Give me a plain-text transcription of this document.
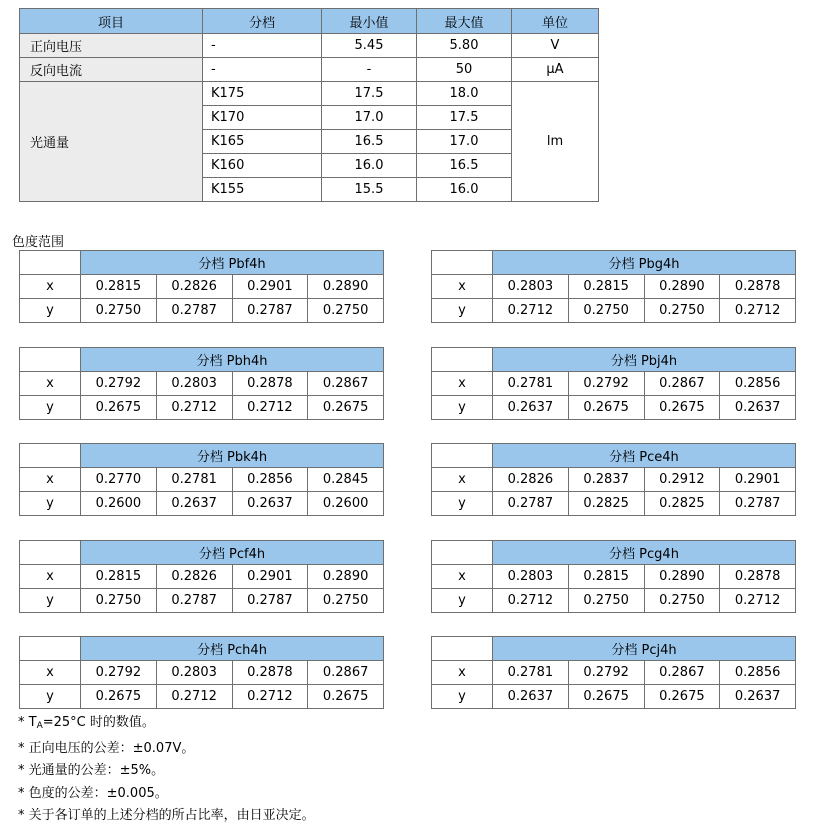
项目	分档	最小值	最大值	单位
正向电压	-	5.45	5.80	V
反向电流	-	-	50	μA
光通量	K175	17.5	18.0	lm
	K170	17.0	17.5	
	K165	16.5	17.0	
	K160	16.0	16.5	
	K155	15.5	16.0	
色度范围
	分档 Pbf4h			
x	0.2815	0.2826	0.2901	0.2890
y	0.2750	0.2787	0.2787	0.2750
	分档 Pbg4h			
x	0.2803	0.2815	0.2890	0.2878
y	0.2712	0.2750	0.2750	0.2712
	分档 Pbh4h			
x	0.2792	0.2803	0.2878	0.2867
y	0.2675	0.2712	0.2712	0.2675
	分档 Pbj4h			
x	0.2781	0.2792	0.2867	0.2856
y	0.2637	0.2675	0.2675	0.2637
	分档 Pbk4h			
x	0.2770	0.2781	0.2856	0.2845
y	0.2600	0.2637	0.2637	0.2600
	分档 Pce4h			
x	0.2826	0.2837	0.2912	0.2901
y	0.2787	0.2825	0.2825	0.2787
	分档 Pcf4h			
x	0.2815	0.2826	0.2901	0.2890
y	0.2750	0.2787	0.2787	0.2750
	分档 Pcg4h			
x	0.2803	0.2815	0.2890	0.2878
y	0.2712	0.2750	0.2750	0.2712
	分档 Pch4h			
x	0.2792	0.2803	0.2878	0.2867
y	0.2675	0.2712	0.2712	0.2675
	分档 Pcj4h			
x	0.2781	0.2792	0.2867	0.2856
y	0.2637	0.2675	0.2675	0.2637
* $T_A=25^\circ C$ 时的数值。
* 正向电压的公差：±0.07V。
* 光通量的公差：±5%。
* 色度的公差：±0.005。
* 关于各订单的上述分档的所占比率，由日亚决定。
